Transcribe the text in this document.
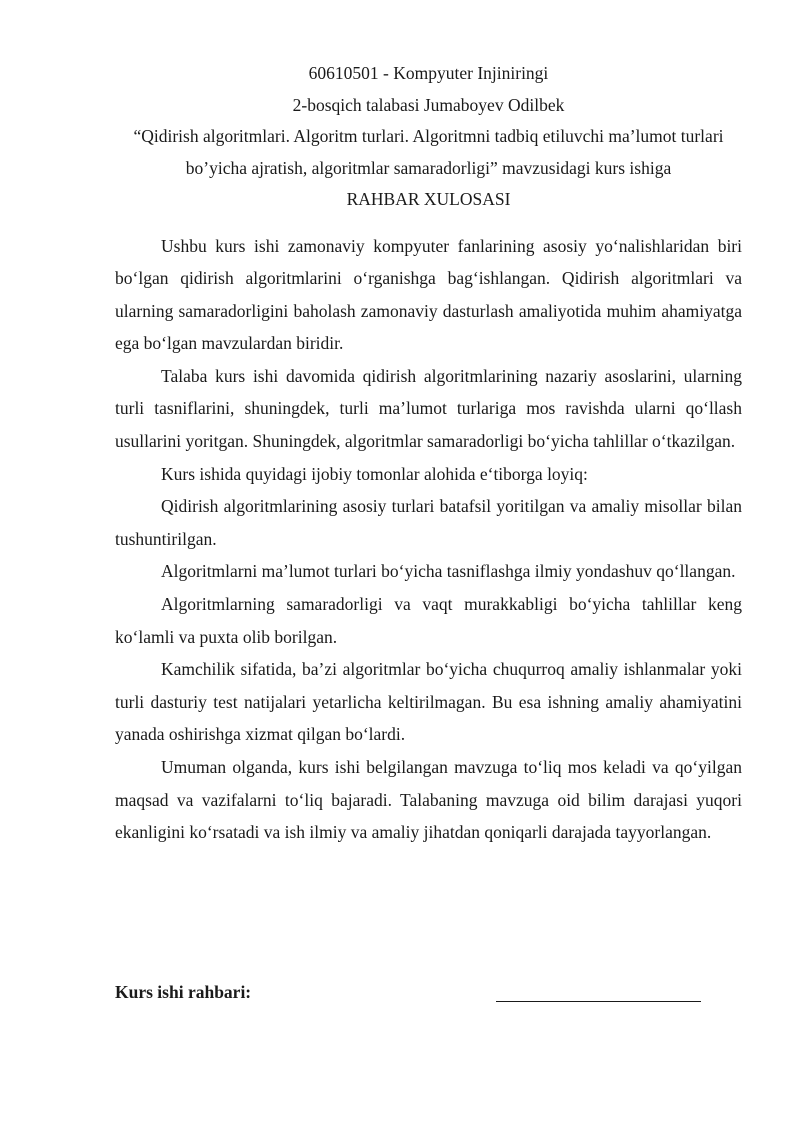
60610501 - Kompyuter Injiniringi

2-bosqich talabasi Jumaboyev Odilbek

“Qidirish algoritmlari. Algoritm turlari. Algoritmni tadbiq etiluvchi ma’lumot turlari bo’yicha ajratish, algoritmlar samaradorligi” mavzusidagi kurs ishiga

RAHBAR XULOSASI

Ushbu kurs ishi zamonaviy kompyuter fanlarining asosiy yo‘nalishlaridan biri bo‘lgan qidirish algoritmlarini o‘rganishga bag‘ishlangan. Qidirish algoritmlari va ularning samaradorligini baholash zamonaviy dasturlash amaliyotida muhim ahamiyatga ega bo‘lgan mavzulardan biridir.

Talaba kurs ishi davomida qidirish algoritmlarining nazariy asoslarini, ularning turli tasniflarini, shuningdek, turli ma’lumot turlariga mos ravishda ularni qo‘llash usullarini yoritgan. Shuningdek, algoritmlar samaradorligi bo‘yicha tahlillar o‘tkazilgan.

Kurs ishida quyidagi ijobiy tomonlar alohida e‘tiborga loyiq:

Qidirish algoritmlarining asosiy turlari batafsil yoritilgan va amaliy misollar bilan tushuntirilgan.

Algoritmlarni ma’lumot turlari bo‘yicha tasniflashga ilmiy yondashuv qo‘llangan.

Algoritmlarning samaradorligi va vaqt murakkabligi bo‘yicha tahlillar keng ko‘lamli va puxta olib borilgan.

Kamchilik sifatida, ba’zi algoritmlar bo‘yicha chuqurroq amaliy ishlanmalar yoki turli dasturiy test natijalari yetarlicha keltirilmagan. Bu esa ishning amaliy ahamiyatini yanada oshirishga xizmat qilgan bo‘lardi.

Umuman olganda, kurs ishi belgilangan mavzuga to‘liq mos keladi va qo‘yilgan maqsad va vazifalarni to‘liq bajaradi. Talabaning mavzuga oid bilim darajasi yuqori ekanligini ko‘rsatadi va ish ilmiy va amaliy jihatdan qoniqarli darajada tayyorlangan.

Kurs ishi rahbari:
